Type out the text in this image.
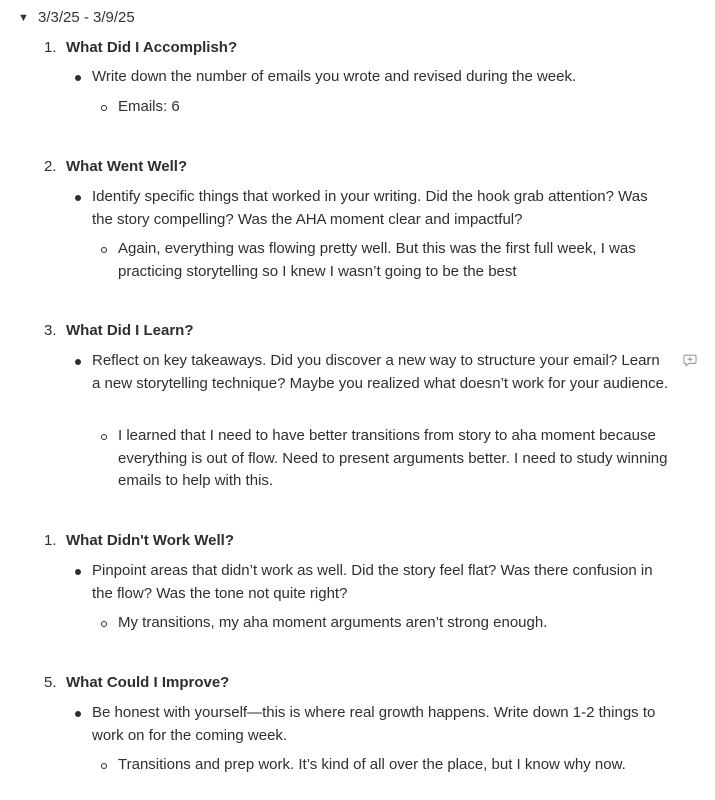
▼ 3/3/25 - 3/9/25
1. What Did I Accomplish?
Write down the number of emails you wrote and revised during the week.
Emails: 6
2. What Went Well?
Identify specific things that worked in your writing. Did the hook grab attention? Was the story compelling? Was the AHA moment clear and impactful?
Again, everything was flowing pretty well. But this was the first full week, I was practicing storytelling so I knew I wasn’t going to be the best
3. What Did I Learn?
Reflect on key takeaways. Did you discover a new way to structure your email? Learn a new storytelling technique? Maybe you realized what doesn’t work for your audience.
I learned that I need to have better transitions from story to aha moment because everything is out of flow. Need to present arguments better. I need to study winning emails to help with this.
1. What Didn't Work Well?
Pinpoint areas that didn’t work as well. Did the story feel flat? Was there confusion in the flow? Was the tone not quite right?
My transitions, my aha moment arguments aren’t strong enough.
5. What Could I Improve?
Be honest with yourself—this is where real growth happens. Write down 1-2 things to work on for the coming week.
Transitions and prep work. It’s kind of all over the place, but I know why now.
